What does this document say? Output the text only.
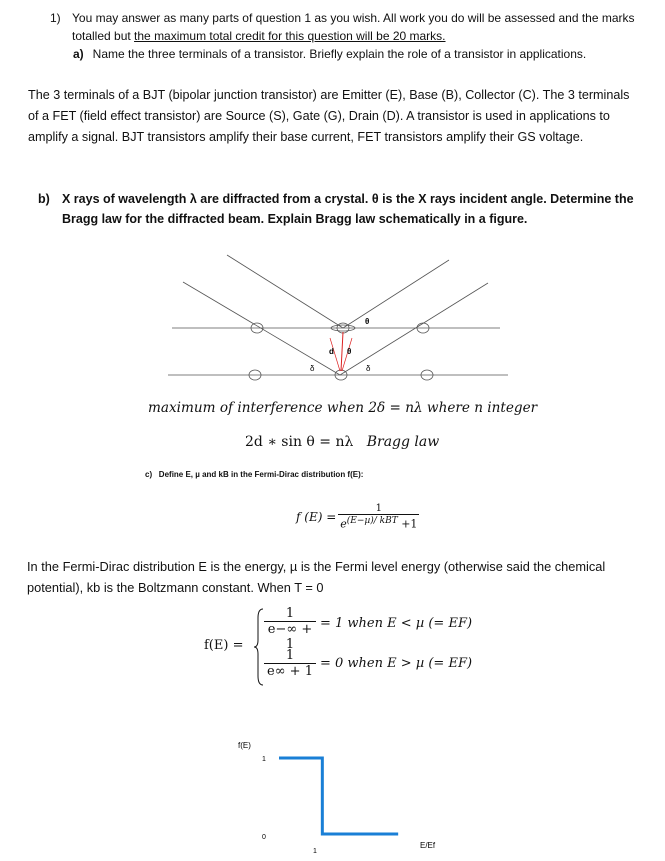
1) You may answer as many parts of question 1 as you wish. All work you do will be assessed and the marks totalled but the maximum total credit for this question will be 20 marks.
a) Name the three terminals of a transistor. Briefly explain the role of a transistor in applications.
The 3 terminals of a BJT (bipolar junction transistor) are Emitter (E), Base (B), Collector (C). The 3 terminals of a FET (field effect transistor) are Source (S), Gate (G), Drain (D). A transistor is used in applications to amplify a signal. BJT transistors amplify their base current, FET transistors amplify their GS voltage.
b) X rays of wavelength λ are diffracted from a crystal. θ is the X rays incident angle. Determine the Bragg law for the diffracted beam. Explain Bragg law schematically in a figure.
θ
d θ
δ	δ
maximum of interference when 2δ = nλ where n integer
2d ∗ sin θ = nλ Bragg law
c) Define E, µ and kB in the Fermi-Dirac distribution f(E):
f (E) =
1
$e^{(E-\mu)/ kBT} +1$
In the Fermi-Dirac distribution E is the energy, µ is the Fermi level energy (otherwise said the chemical potential), kb is the Boltzmann constant. When T = 0
$f(E) = \frac{1}{e-\infty + 1} = 1$ when E < µ (= EF)
$\frac{1}{e\infty + 1} = 0$ when E > µ (= EF)
f(E)
1
0
1
E/Ef
